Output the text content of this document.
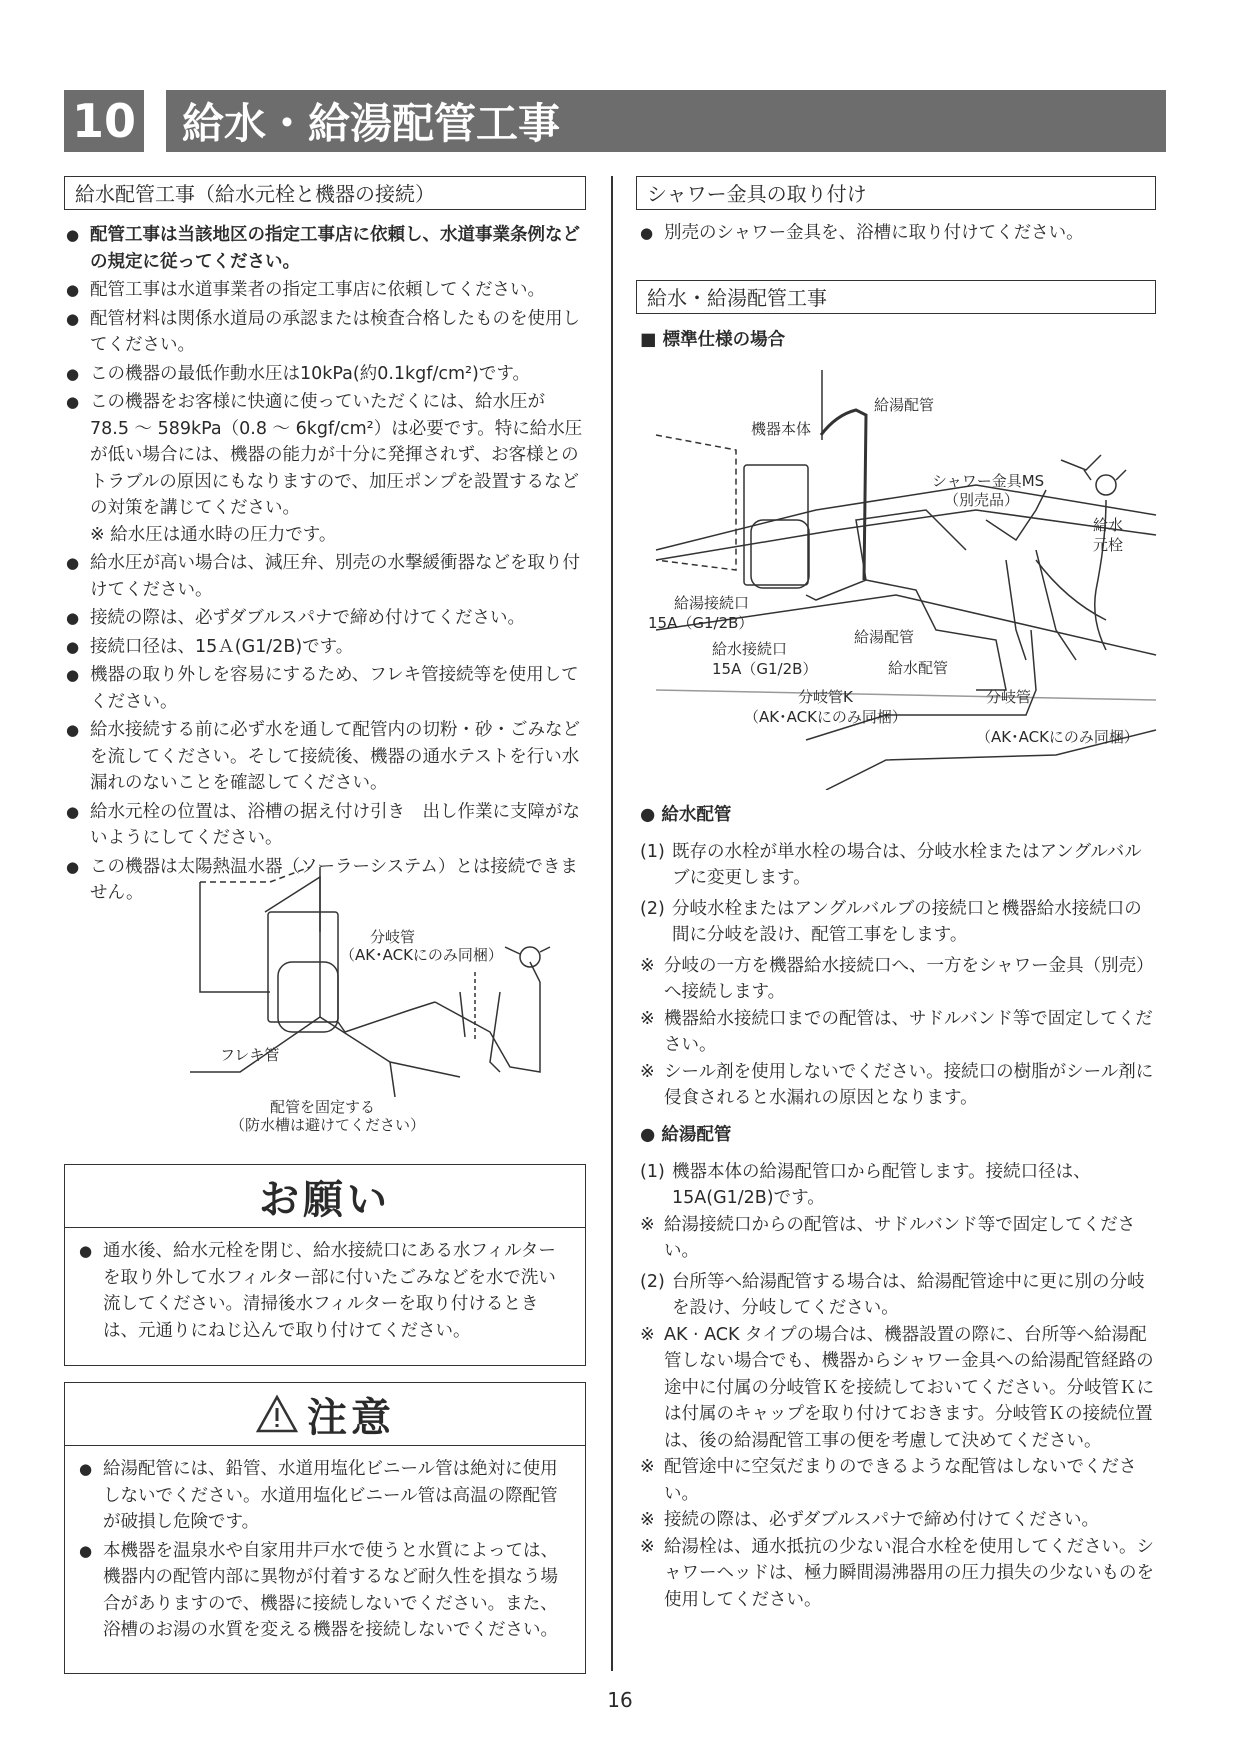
10	給水・給湯配管工事
給水配管工事（給水元栓と機器の接続）
● 配管工事は当該地区の指定工事店に依頼し、水道事業条例などの規定に従ってください。
● 配管工事は水道事業者の指定工事店に依頼してください。
● 配管材料は関係水道局の承認または検査合格したものを使用してください。
● この機器の最低作動水圧は10kPa(約0.1kgf/cm²)です。
● この機器をお客様に快適に使っていただくには、給水圧が 78.5 ～ 589kPa（0.8 ～ 6kgf/cm²）は必要です。特に給水圧が低い場合には、機器の能力が十分に発揮されず、お客様とのトラブルの原因にもなりますので、加圧ポンプを設置するなどの対策を講じてください。
※ 給水圧は通水時の圧力です。
● 給水圧が高い場合は、減圧弁、別売の水撃緩衝器などを取り付けてください。
● 接続の際は、必ずダブルスパナで締め付けてください。
● 接続口径は、15Ａ(G1/2B)です。
● 機器の取り外しを容易にするため、フレキ管接続等を使用してください。
● 給水接続する前に必ず水を通して配管内の切粉・砂・ごみなどを流してください。そして接続後、機器の通水テストを行い水漏れのないことを確認してください。
● 給水元栓の位置は、浴槽の据え付け引き　出し作業に支障がないようにしてください。
● この機器は太陽熱温水器（ソーラーシステム）とは接続できません。
分岐管
（AK･ACKにのみ同梱）
フレキ管
配管を固定する
（防水槽は避けてください）
お願い
● 通水後、給水元栓を閉じ、給水接続口にある水フィルターを取り外して水フィルター部に付いたごみなどを水で洗い流してください。清掃後水フィルターを取り付けるときは、元通りにねじ込んで取り付けてください。
注意
● 給湯配管には、鉛管、水道用塩化ビニール管は絶対に使用しないでください。水道用塩化ビニール管は高温の際配管が破損し危険です。
● 本機器を温泉水や自家用井戸水で使うと水質によっては、機器内の配管内部に異物が付着するなど耐久性を損なう場合がありますので、機器に接続しないでください。また、浴槽のお湯の水質を変える機器を接続しないでください。
シャワー金具の取り付け
● 別売のシャワー金具を、浴槽に取り付けてください。
給水・給湯配管工事
■ 標準仕様の場合
給湯配管
機器本体
シャワー金具MS
（別売品）
給水
元栓
給湯接続口
15A（G1/2B）
給水接続口
15A（G1/2B）
給湯配管
給水配管
分岐管K
（AK･ACKにのみ同梱）
分岐管
（AK･ACKにのみ同梱）
● 給水配管
(1) 既存の水栓が単水栓の場合は、分岐水栓またはアングルバルブに変更します。
(2) 分岐水栓またはアングルバルブの接続口と機器給水接続口の間に分岐を設け、配管工事をします。
※ 分岐の一方を機器給水接続口へ、一方をシャワー金具（別売）へ接続します。
※ 機器給水接続口までの配管は、サドルバンド等で固定してください。
※ シール剤を使用しないでください。接続口の樹脂がシール剤に侵食されると水漏れの原因となります。
● 給湯配管
(1) 機器本体の給湯配管口から配管します。接続口径は、15A(G1/2B)です。
※ 給湯接続口からの配管は、サドルバンド等で固定してください。
(2) 台所等へ給湯配管する場合は、給湯配管途中に更に別の分岐を設け、分岐してください。
※ AK · ACK タイプの場合は、機器設置の際に、台所等へ給湯配管しない場合でも、機器からシャワー金具への給湯配管経路の途中に付属の分岐管Ｋを接続しておいてください。分岐管Ｋには付属のキャップを取り付けておきます。分岐管Ｋの接続位置は、後の給湯配管工事の便を考慮して決めてください。
※ 配管途中に空気だまりのできるような配管はしないでください。
※ 接続の際は、必ずダブルスパナで締め付けてください。
※ 給湯栓は、通水抵抗の少ない混合水栓を使用してください。シャワーヘッドは、極力瞬間湯沸器用の圧力損失の少ないものを使用してください。
16
